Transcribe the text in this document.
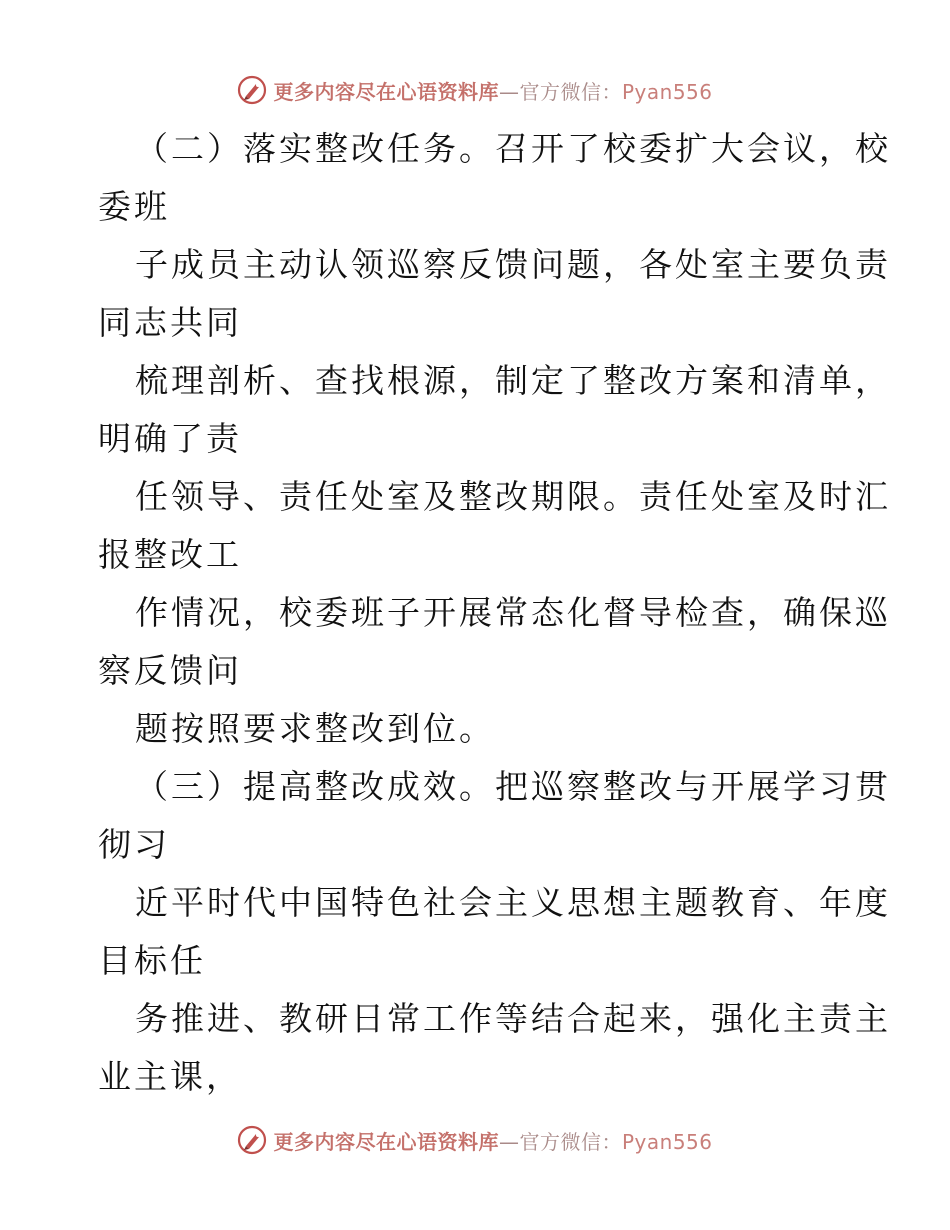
更多内容尽在心语资料库—官方微信：Pyan556
（二）落实整改任务。召开了校委扩大会议，校
委班
子成员主动认领巡察反馈问题，各处室主要负责
同志共同
梳理剖析、查找根源，制定了整改方案和清单，
明确了责
任领导、责任处室及整改期限。责任处室及时汇
报整改工
作情况，校委班子开展常态化督导检查，确保巡
察反馈问
题按照要求整改到位。
（三）提高整改成效。把巡察整改与开展学习贯
彻习
近平时代中国特色社会主义思想主题教育、年度
目标任
务推进、教研日常工作等结合起来，强化主责主
业主课，
更多内容尽在心语资料库—官方微信：Pyan556
